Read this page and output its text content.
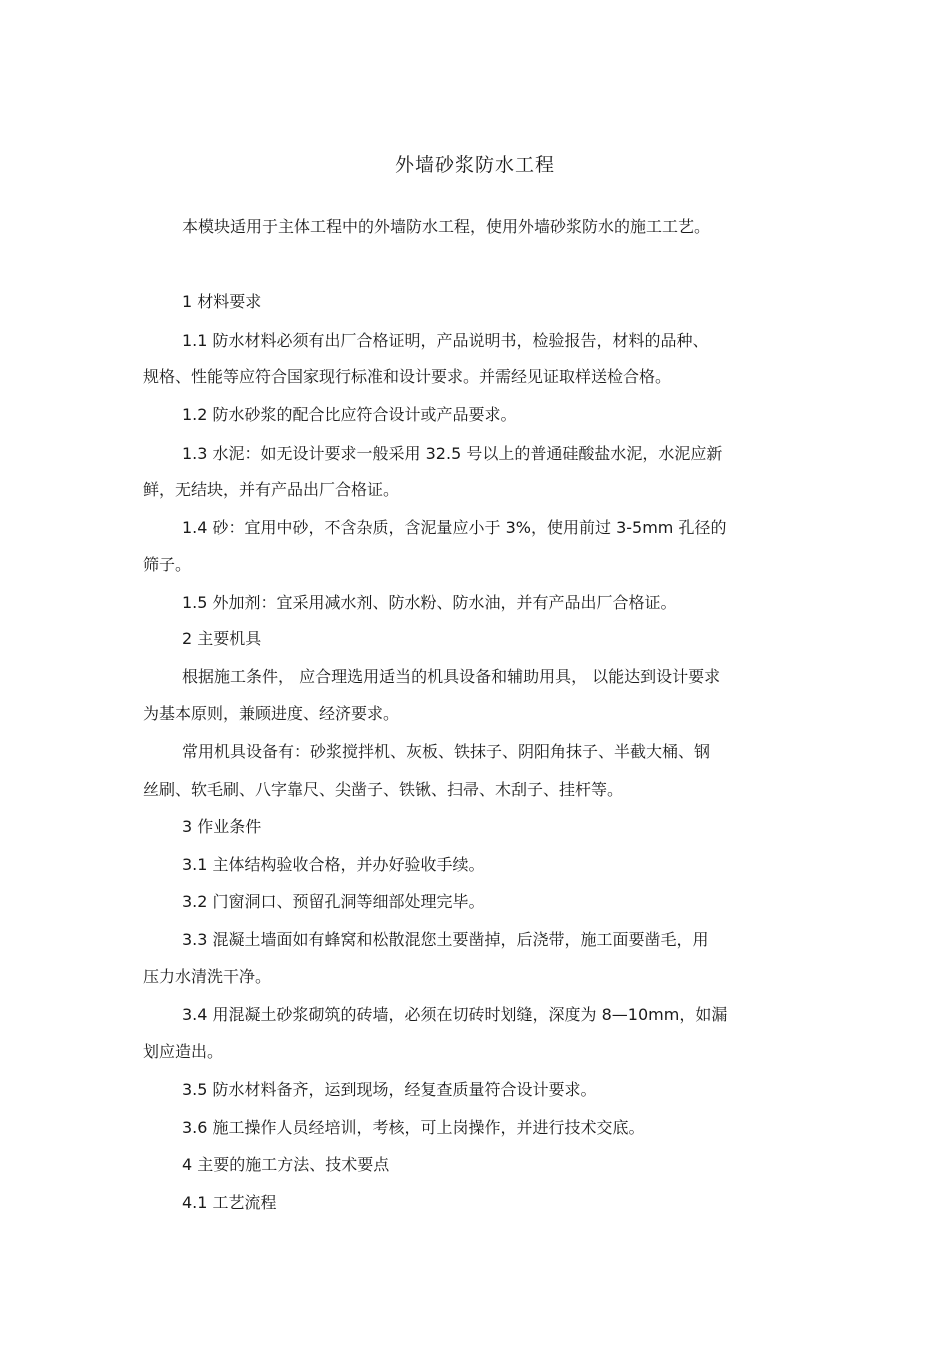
外墙砂浆防水工程
本模块适用于主体工程中的外墙防水工程，使用外墙砂浆防水的施工工艺。
1 材料要求
1.1 防水材料必须有出厂合格证明，产品说明书，检验报告，材料的品种、
规格、性能等应符合国家现行标准和设计要求。并需经见证取样送检合格。
1.2 防水砂浆的配合比应符合设计或产品要求。
1.3 水泥：如无设计要求一般采用 32.5 号以上的普通硅酸盐水泥，水泥应新
鲜，无结块，并有产品出厂合格证。
1.4 砂：宜用中砂，不含杂质，含泥量应小于 3%，使用前过 3-5mm 孔径的
筛子。
1.5 外加剂：宜采用减水剂、防水粉、防水油，并有产品出厂合格证。
2 主要机具
根据施工条件， 应合理选用适当的机具设备和辅助用具， 以能达到设计要求
为基本原则，兼顾进度、经济要求。
常用机具设备有：砂浆搅拌机、灰板、铁抹子、阴阳角抹子、半截大桶、钢
丝刷、软毛刷、八字靠尺、尖凿子、铁锹、扫帚、木刮子、挂杆等。
3 作业条件
3.1 主体结构验收合格，并办好验收手续。
3.2 门窗洞口、预留孔洞等细部处理完毕。
3.3 混凝土墙面如有蜂窝和松散混您土要凿掉，后浇带，施工面要凿毛，用
压力水清洗干净。
3.4 用混凝土砂浆砌筑的砖墙，必须在切砖时划缝，深度为 8—10mm，如漏
划应造出。
3.5 防水材料备齐，运到现场，经复查质量符合设计要求。
3.6 施工操作人员经培训，考核，可上岗操作，并进行技术交底。
4 主要的施工方法、技术要点
4.1 工艺流程
